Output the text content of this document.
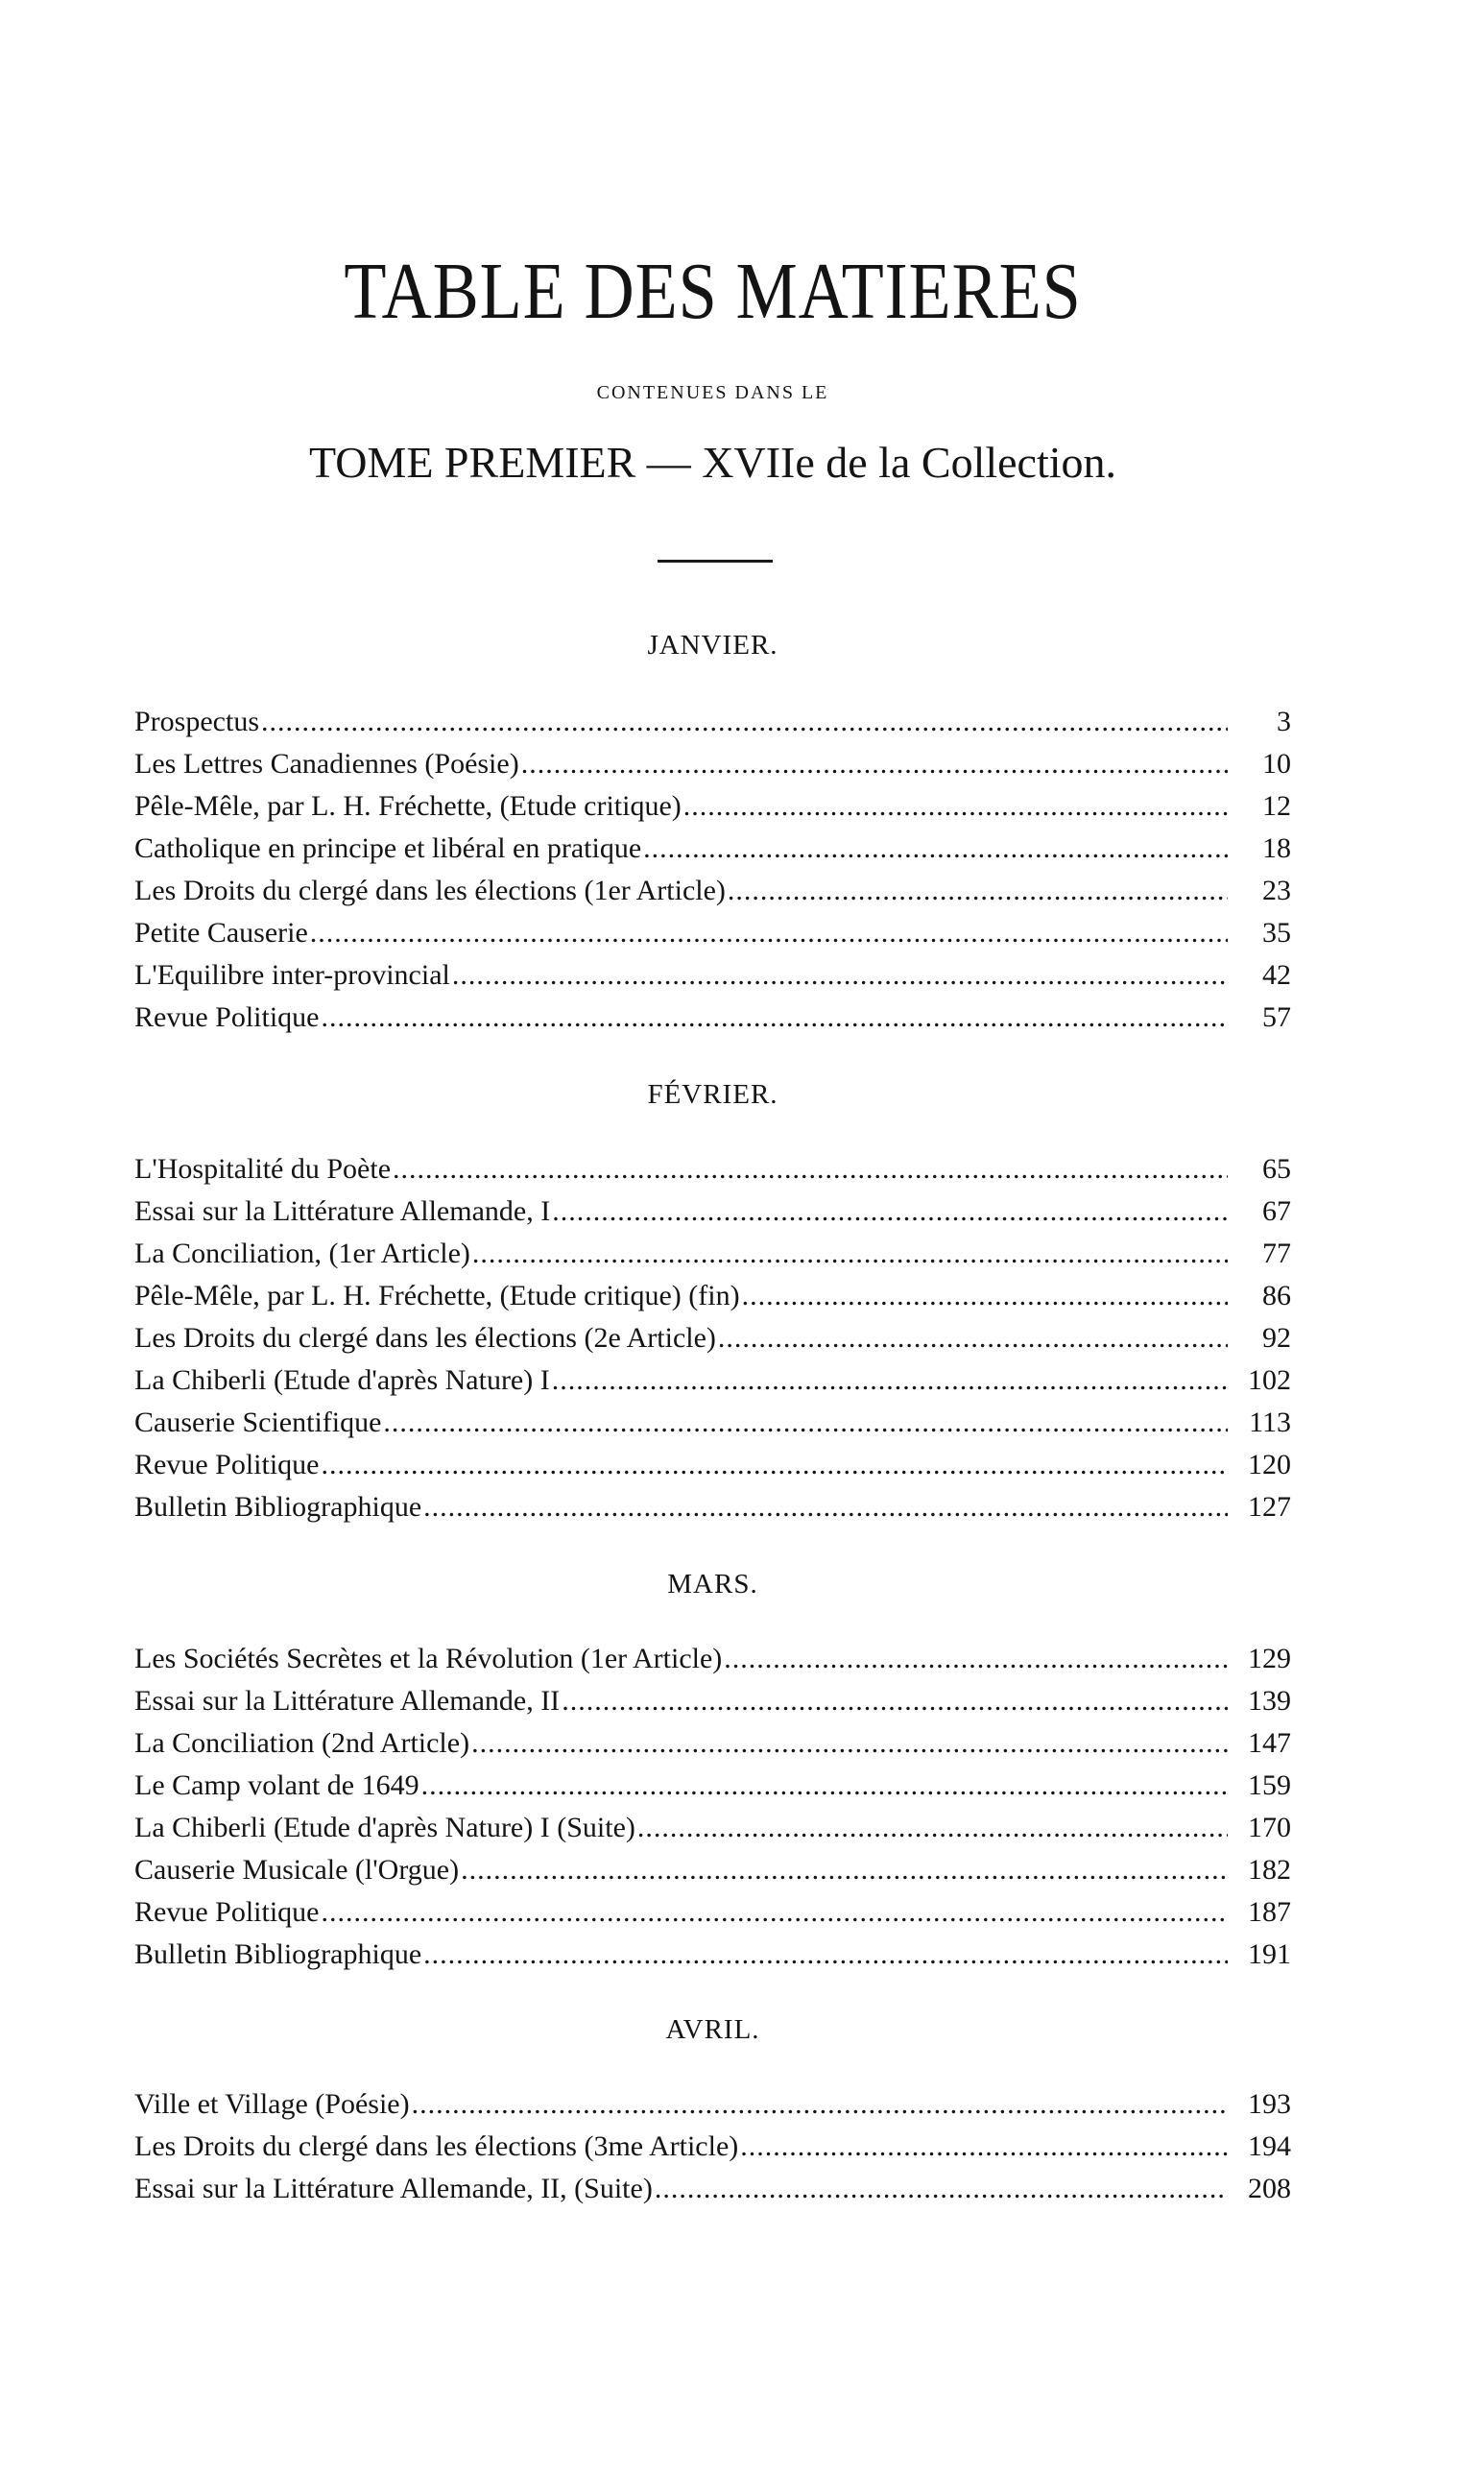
TABLE DES MATIERES
CONTENUES DANS LE
TOME PREMIER — XVIIe de la Collection.
JANVIER.
Prospectus .....	3
Les Lettres Canadiennes (Poésie) .....	10
Pêle-Mêle, par L. H. Fréchette, (Etude critique) .....	12
Catholique en principe et libéral en pratique .....	18
Les Droits du clergé dans les élections (1er Article) .....	23
Petite Causerie .....	35
L'Equilibre inter-provincial .....	42
Revue Politique .....	57
FÉVRIER.
L'Hospitalité du Poète .....	65
Essai sur la Littérature Allemande, I .....	67
La Conciliation, (1er Article) .....	77
Pêle-Mêle, par L. H. Fréchette, (Etude critique) (fin) .....	86
Les Droits du clergé dans les élections (2e Article) .....	92
La Chiberli (Etude d'après Nature) I .....	102
Causerie Scientifique .....	113
Revue Politique .....	120
Bulletin Bibliographique .....	127
MARS.
Les Sociétés Secrètes et la Révolution (1er Article) .....	129
Essai sur la Littérature Allemande, II .....	139
La Conciliation (2nd Article) .....	147
Le Camp volant de 1649 .....	159
La Chiberli (Etude d'après Nature) I (Suite) .....	170
Causerie Musicale (l'Orgue) .....	182
Revue Politique .....	187
Bulletin Bibliographique .....	191
AVRIL.
Ville et Village (Poésie) .....	193
Les Droits du clergé dans les élections (3me Article) .....	194
Essai sur la Littérature Allemande, II, (Suite) .....	208
